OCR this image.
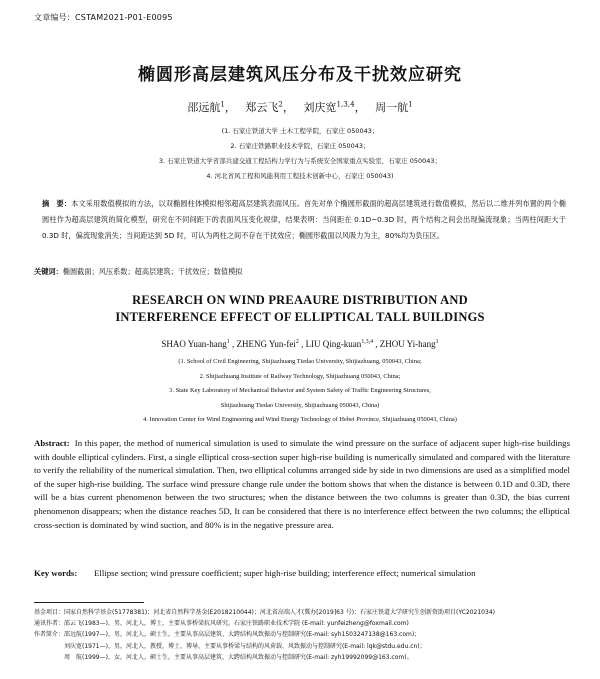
文章编号：CSTAM2021-P01-E0095
椭圆形高层建筑风压分布及干扰效应研究
邵远航$^1$， 郑云飞$^2$， 刘庆宽$^{1,3,4}$， 周一航$^1$
(1. 石家庄铁道大学 土木工程学院，石家庄 050043；
2. 石家庄铁路职业技术学院，石家庄 050043；
3. 石家庄铁道大学省部共建交通工程结构力学行为与系统安全国家重点实验室，石家庄 050043；
4. 河北省风工程和风能利用工程技术创新中心，石家庄 050043)
摘　要：本文采用数值模拟的方法，以双椭圆柱体模拟相邻超高层建筑表面风压。首先对单个椭圆形截面的超高层建筑进行数值模拟，然后以二维并列布置的两个椭圆柱作为超高层建筑的简化模型，研究在不同间距下的表面风压变化规律，结果表明：当间距在 0.1D~0.3D 时，两个结构之间会出现偏流现象；当两柱间距大于 0.3D 时，偏流现象消失；当间距达到 5D 时，可认为两柱之间不存在干扰效应；椭圆形截面以风吸力为主，80%均为负压区。
关键词：椭圆截面；风压系数；超高层建筑；干扰效应；数值模拟
RESEARCH ON WIND PREAAURE DISTRIBUTION AND
INTERFERENCE EFFECT OF ELLIPTICAL TALL BUILDINGS
SHAO Yuan-hang$^1$ , ZHENG Yun-fei$^2$ , LIU Qing-kuan$^{1,3,4}$ , ZHOU Yi-hang$^1$
(1. School of Civil Engineering, Shijiazhuang Tiedao University, Shijiazhuang, 050043, China;
2. Shijiazhuang Institute of Railway Technology, Shijiazhuang 050043, China;
3. State Key Laboratory of Mechanical Behavior and System Safety of Traffic Engineering Structures,
Shijiazhuang Tiedao University, Shijiazhuang 050043, China)
4. Innovation Center for Wind Engineering and Wind Energy Technology of Hebei Province, Shijiazhuang 050043, China)
Abstract: In this paper, the method of numerical simulation is used to simulate the wind pressure on the surface of adjacent super high-rise buildings with double elliptical cylinders. First, a single elliptical cross-section super high-rise building is numerically simulated and compared with the literature to verify the reliability of the numerical simulation. Then, two elliptical columns arranged side by side in two dimensions are used as a simplified model of the super high-rise building. The surface wind pressure change rule under the bottom shows that when the distance is between 0.1D and 0.3D, there will be a bias current phenomenon between the two structures; when the distance between the two columns is greater than 0.3D, the bias current phenomenon disappears; when the distance reaches 5D, It can be considered that there is no interference effect between the two columns; the elliptical cross-section is dominated by wind suction, and 80% is in the negative pressure area.
Key words: Ellipse section; wind pressure coefficient; super high-rise building; interference effect; numerical simulation
基金项目： 国家自然科学基金(51778381)；河北省自然科学基金(E2018210044)；河北省高端人才(冀办[2019]63 号)；石家庄铁道大学研究生创新资助项目(YC2021034)
通讯作者： 邵云飞(1983—)，男，河北人，博士，主要从事桥梁抗风研究。石家庄铁路职业技术学院 (E-mail: yunfeizheng@foxmail.com)
作者简介： 邵远航(1997—)，男，河北人，硕士生，主要从事高层建筑、大跨结构风致振动与控制研究(E-mail: syh1503247138@163.com)；
刘庆宽(1971—)，男，河北人，教授，博士，博导，主要从事桥梁与结构的风荷载、风致振动与控制研究(E-mail: lqk@stdu.edu.cn)；
周　航(1999—)，女，河北人，硕士生，主要从事高层建筑、大跨结构风致振动与控制研究(E-mail: zyh19992099@163.com)。
